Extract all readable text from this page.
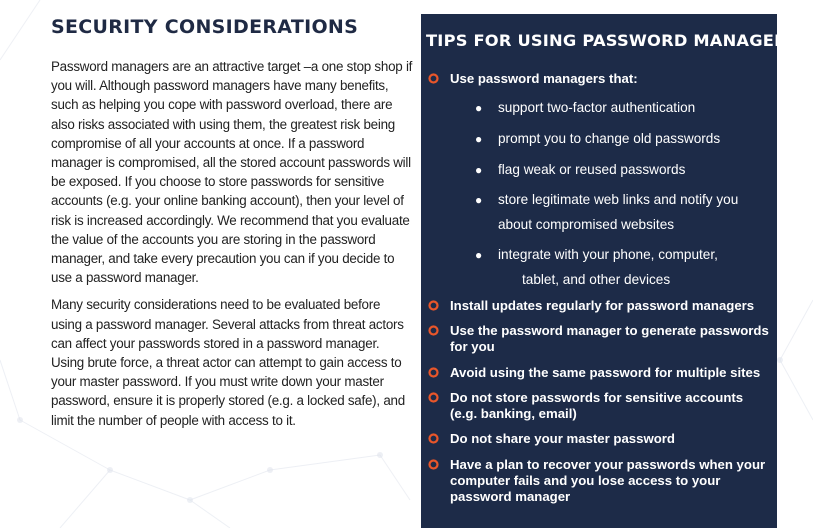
SECURITY CONSIDERATIONS

Password managers are an attractive target –a one stop shop if you will. Although password managers have many benefits, such as helping you cope with password overload, there are also risks associated with using them, the greatest risk being compromise of all your accounts at once. If a password manager is compromised, all the stored account passwords will be exposed. If you choose to store passwords for sensitive accounts (e.g. your online banking account), then your level of risk is increased accordingly. We recommend that you evaluate the value of the accounts you are storing in the password manager, and take every precaution you can if you decide to use a password manager.

Many security considerations need to be evaluated before using a password manager. Several attacks from threat actors can affect your passwords stored in a password manager. Using brute force, a threat actor can attempt to gain access to your master password. If you must write down your master password, ensure it is properly stored (e.g. a locked safe), and limit the number of people with access to it.

TIPS FOR USING PASSWORD MANAGERS
Use password managers that:
● support two-factor authentication
● prompt you to change old passwords
● flag weak or reused passwords
● store legitimate web links and notify you
about compromised websites
● integrate with your phone, computer,
tablet, and other devices
Install updates regularly for password managers
Use the password manager to generate passwords for you
Avoid using the same password for multiple sites
Do not store passwords for sensitive accounts (e.g. banking, email)
Do not share your master password
Have a plan to recover your passwords when your computer fails and you lose access to your password manager
